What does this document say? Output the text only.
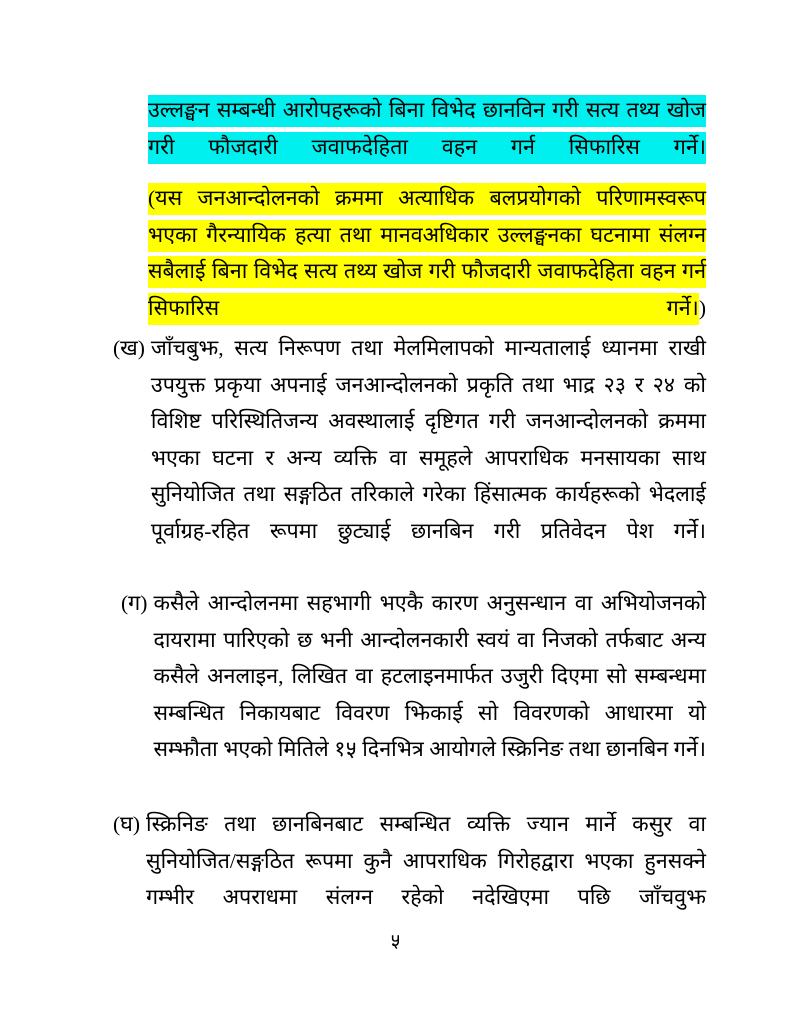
उल्लङ्घन सम्बन्धी आरोपहरूको बिना विभेद छानविन गरी सत्य तथ्य खोज गरी फौजदारी जवाफदेहिता वहन गर्न सिफारिस गर्ने।

(यस जनआन्दोलनको क्रममा अत्याधिक बलप्रयोगको परिणामस्वरूप भएका गैरन्यायिक हत्या तथा मानवअधिकार उल्लङ्घनका घटनामा संलग्न सबैलाई बिना विभेद सत्य तथ्य खोज गरी फौजदारी जवाफदेहिता वहन गर्न सिफारिस गर्ने।)

(ख) जाँचबुझ, सत्य निरूपण तथा मेलमिलापको मान्यतालाई ध्यानमा राखी उपयुक्त प्रकृया अपनाई जनआन्दोलनको प्रकृति तथा भाद्र २३ र २४ को विशिष्ट परिस्थितिजन्य अवस्थालाई दृष्टिगत गरी जनआन्दोलनको क्रममा भएका घटना र अन्य व्यक्ति वा समूहले आपराधिक मनसायका साथ सुनियोजित तथा सङ्गठित तरिकाले गरेका हिंसात्मक कार्यहरूको भेदलाई पूर्वाग्रह-रहित रूपमा छुट्याई छानबिन गरी प्रतिवेदन पेश गर्ने।
(ग) कसैले आन्दोलनमा सहभागी भएकै कारण अनुसन्धान वा अभियोजनको दायरामा पारिएको छ भनी आन्दोलनकारी स्वयं वा निजको तर्फबाट अन्य कसैले अनलाइन, लिखित वा हटलाइनमार्फत उजुरी दिएमा सो सम्बन्धमा सम्बन्धित निकायबाट विवरण झिकाई सो विवरणको आधारमा यो सम्झौता भएको मितिले १५ दिनभित्र आयोगले स्क्रिनिङ तथा छानबिन गर्ने।
(घ) स्क्रिनिङ तथा छानबिनबाट सम्बन्धित व्यक्ति ज्यान मार्ने कसुर वा सुनियोजित/सङ्गठित रूपमा कुनै आपराधिक गिरोहद्वारा भएका हुनसक्ने गम्भीर अपराधमा संलग्न रहेको नदेखिएमा पछि जाँचवुझ
५
